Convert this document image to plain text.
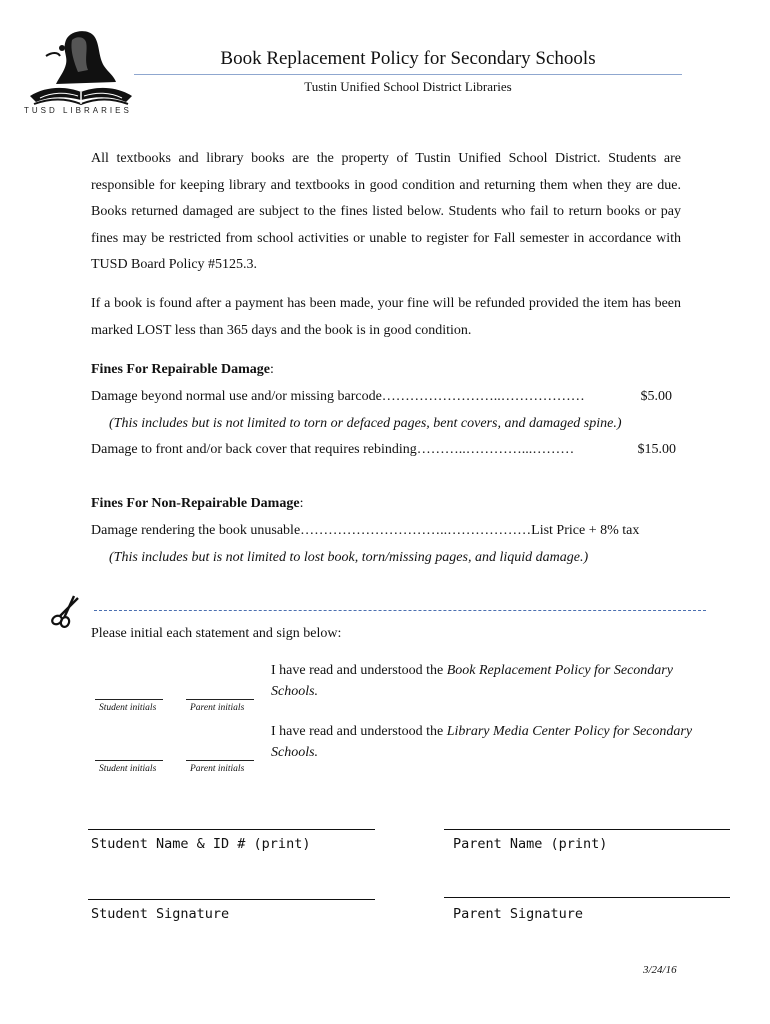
TUSD LIBRARIES
Book Replacement Policy for Secondary Schools
Tustin Unified School District Libraries

All textbooks and library books are the property of Tustin Unified School District. Students are responsible for keeping library and textbooks in good condition and returning them when they are due. Books returned damaged are subject to the fines listed below. Students who fail to return books or pay fines may be restricted from school activities or unable to register for Fall semester in accordance with TUSD Board Policy #5125.3.

If a book is found after a payment has been made, your fine will be refunded provided the item has been marked LOST less than 365 days and the book is in good condition.

Fines For Repairable Damage:
Damage beyond normal use and/or missing barcode……………………..………………	$5.00
(This includes but is not limited to torn or defaced pages, bent covers, and damaged spine.)
Damage to front and/or back cover that requires rebinding………..…………...………	$15.00
Fines For Non-Repairable Damage:
Damage rendering the book unusable…………………………..………………List Price + 8% tax
(This includes but is not limited to lost book, torn/missing pages, and liquid damage.)
Please initial each statement and sign below:
I have read and understood the Book Replacement Policy for Secondary Schools.
Student initials	Parent initials
I have read and understood the Library Media Center Policy for Secondary Schools.
Student initials	Parent initials
Student Name & ID # (print)	Parent Name (print)
Student Signature	Parent Signature
3/24/16
